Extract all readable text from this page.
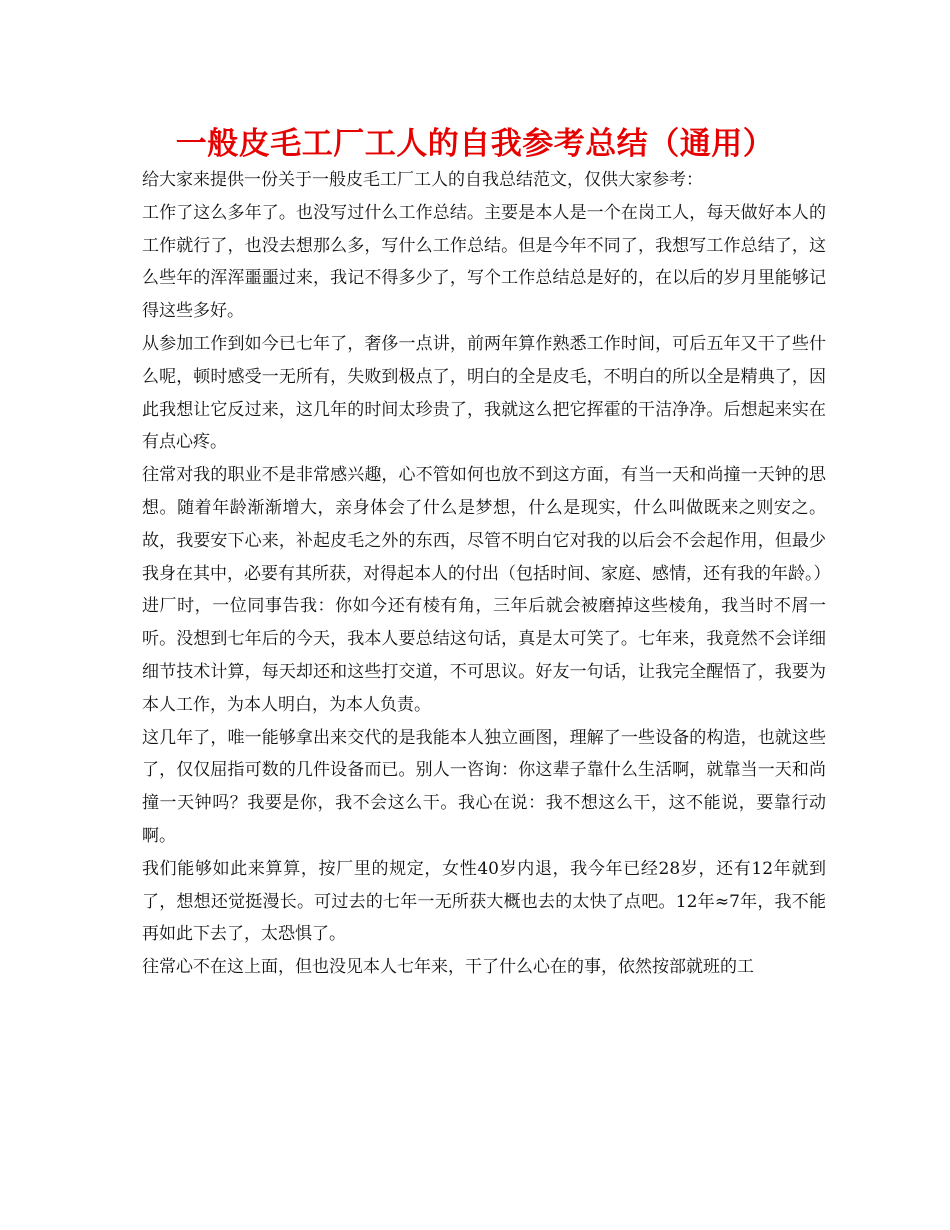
一般皮毛工厂工人的自我参考总结（通用）

给大家来提供一份关于一般皮毛工厂工人的自我总结范文，仅供大家参考：

工作了这么多年了。也没写过什么工作总结。主要是本人是一个在岗工人，每天做好本人的工作就行了，也没去想那么多，写什么工作总结。但是今年不同了，我想写工作总结了，这么些年的浑浑噩噩过来，我记不得多少了，写个工作总结总是好的，在以后的岁月里能够记得这些多好。

从参加工作到如今已七年了，奢侈一点讲，前两年算作熟悉工作时间，可后五年又干了些什么呢，顿时感受一无所有，失败到极点了，明白的全是皮毛，不明白的所以全是精典了，因此我想让它反过来，这几年的时间太珍贵了，我就这么把它挥霍的干洁净净。后想起来实在有点心疼。

往常对我的职业不是非常感兴趣，心不管如何也放不到这方面，有当一天和尚撞一天钟的思想。随着年龄渐渐增大，亲身体会了什么是梦想，什么是现实，什么叫做既来之则安之。故，我要安下心来，补起皮毛之外的东西，尽管不明白它对我的以后会不会起作用，但最少我身在其中，必要有其所获，对得起本人的付出（包括时间、家庭、感情，还有我的年龄。）

进厂时，一位同事告我：你如今还有棱有角，三年后就会被磨掉这些棱角，我当时不屑一听。没想到七年后的今天，我本人要总结这句话，真是太可笑了。七年来，我竟然不会详细细节技术计算，每天却还和这些打交道，不可思议。好友一句话，让我完全醒悟了，我要为本人工作，为本人明白，为本人负责。

这几年了，唯一能够拿出来交代的是我能本人独立画图，理解了一些设备的构造，也就这些了，仅仅屈指可数的几件设备而已。别人一咨询：你这辈子靠什么生活啊，就靠当一天和尚撞一天钟吗？我要是你，我不会这么干。我心在说：我不想这么干，这不能说，要靠行动啊。

我们能够如此来算算，按厂里的规定，女性40岁内退，我今年已经28岁，还有12年就到了，想想还觉挺漫长。可过去的七年一无所获大概也去的太快了点吧。12年≈7年，我不能再如此下去了，太恐惧了。

往常心不在这上面，但也没见本人七年来，干了什么心在的事，依然按部就班的工
